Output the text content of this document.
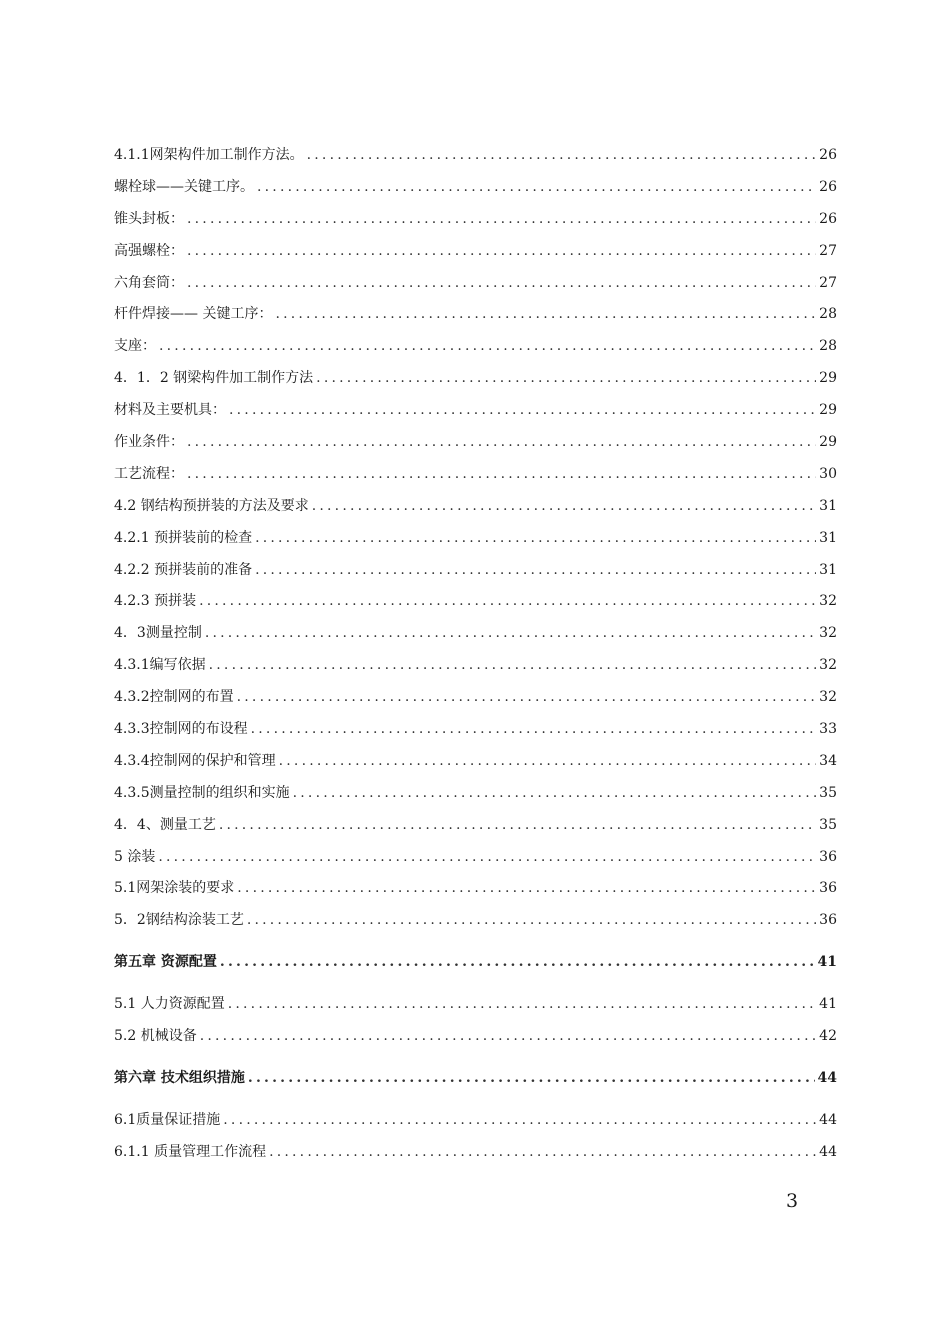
4.1.1网架构件加工制作方法。 .....	26
螺栓球——关键工序。 .....	26
锥头封板： .....	26
高强螺栓： .....	27
六角套筒： .....	27
杆件焊接—— 关键工序： .....	28
支座： .....	28
4．1．2 钢梁构件加工制作方法 .....	29
材料及主要机具： .....	29
作业条件： .....	29
工艺流程： .....	30
4.2 钢结构预拼装的方法及要求 .....	31
4.2.1 预拼装前的检查 .....	31
4.2.2 预拼装前的准备 .....	31
4.2.3 预拼装 .....	32
4．3测量控制 .....	32
4.3.1编写依据 .....	32
4.3.2控制网的布置 .....	32
4.3.3控制网的布设程 .....	33
4.3.4控制网的保护和管理 .....	34
4.3.5测量控制的组织和实施 .....	35
4．4、测量工艺 .....	35
5 涂装 .....	36
5.1网架涂装的要求 .....	36
5．2钢结构涂装工艺 .....	36
第五章 资源配置 .....	41
5.1 人力资源配置 .....	41
5.2 机械设备 .....	42
第六章 技术组织措施 .....	44
6.1质量保证措施 .....	44
6.1.1 质量管理工作流程 .....	44
3
